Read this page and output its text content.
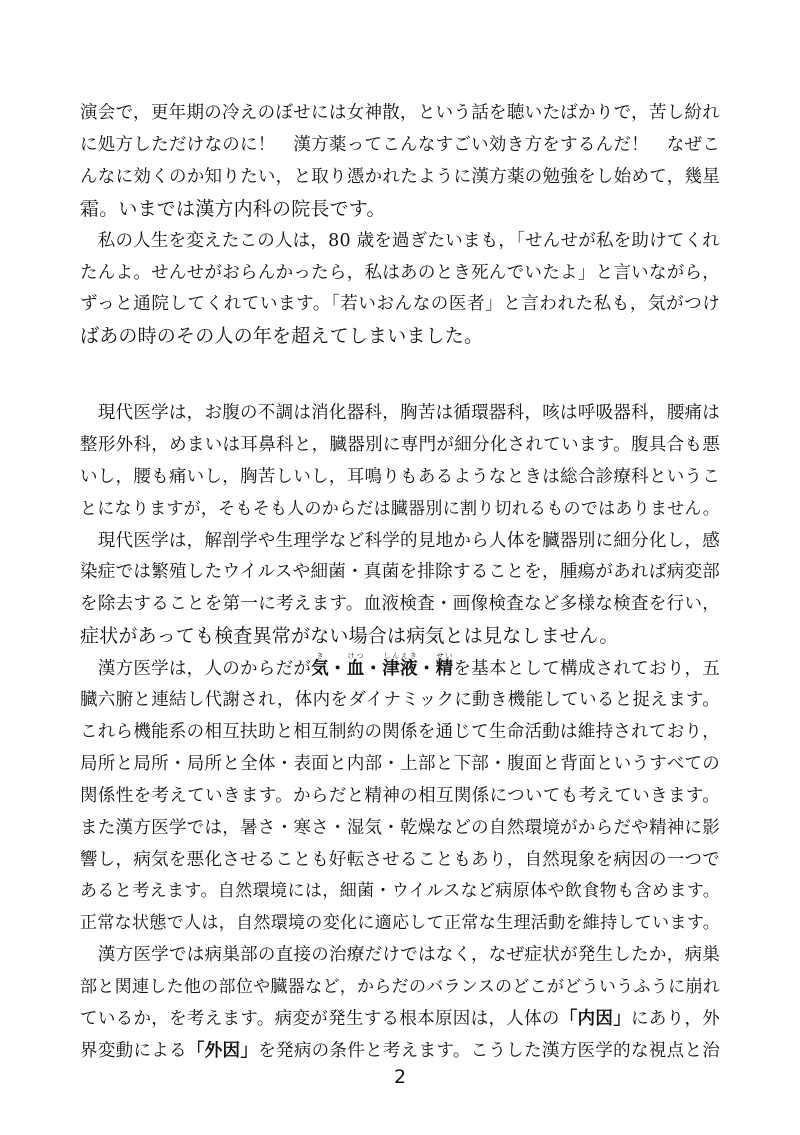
演会で，更年期の冷えのぼせには女神散，という話を聴いたばかりで，苦し紛れ
に処方しただけなのに！　漢方薬ってこんなすごい効き方をするんだ！　なぜこ
んなに効くのか知りたい，と取り憑かれたように漢方薬の勉強をし始めて，幾星
霜。いまでは漢方内科の院長です。
　私の人生を変えたこの人は，80 歳を過ぎたいまも，「せんせが私を助けてくれ
たんよ。せんせがおらんかったら，私はあのとき死んでいたよ」と言いながら，
ずっと通院してくれています。「若いおんなの医者」と言われた私も，気がつけ
ばあの時のその人の年を超えてしまいました。
　現代医学は，お腹の不調は消化器科，胸苦は循環器科，咳は呼吸器科，腰痛は
整形外科，めまいは耳鼻科と，臓器別に専門が細分化されています。腹具合も悪
いし，腰も痛いし，胸苦しいし，耳鳴りもあるようなときは総合診療科というこ
とになりますが，そもそも人のからだは臓器別に割り切れるものではありません。
　現代医学は，解剖学や生理学など科学的見地から人体を臓器別に細分化し，感
染症では繁殖したウイルスや細菌・真菌を排除することを，腫瘍があれば病変部
を除去することを第一に考えます。血液検査・画像検査など多様な検査を行い，
症状があっても検査異常がない場合は病気とは見なしません。
　漢方医学は，人のからだが気き・血けつ・津液しんえき・精せいを基本として構成されており，五
臓六腑と連結し代謝され，体内をダイナミックに動き機能していると捉えます。
これら機能系の相互扶助と相互制約の関係を通じて生命活動は維持されており，
局所と局所・局所と全体・表面と内部・上部と下部・腹面と背面というすべての
関係性を考えていきます。からだと精神の相互関係についても考えていきます。
また漢方医学では，暑さ・寒さ・湿気・乾燥などの自然環境がからだや精神に影
響し，病気を悪化させることも好転させることもあり，自然現象を病因の一つで
あると考えます。自然環境には，細菌・ウイルスなど病原体や飲食物も含めます。
正常な状態で人は，自然環境の変化に適応して正常な生理活動を維持しています。
　漢方医学では病巣部の直接の治療だけではなく，なぜ症状が発生したか，病巣
部と関連した他の部位や臓器など，からだのバランスのどこがどういうふうに崩れ
ているか，を考えます。病変が発生する根本原因は，人体の「内因」にあり，外
界変動による「外因」を発病の条件と考えます。こうした漢方医学的な視点と治
2
